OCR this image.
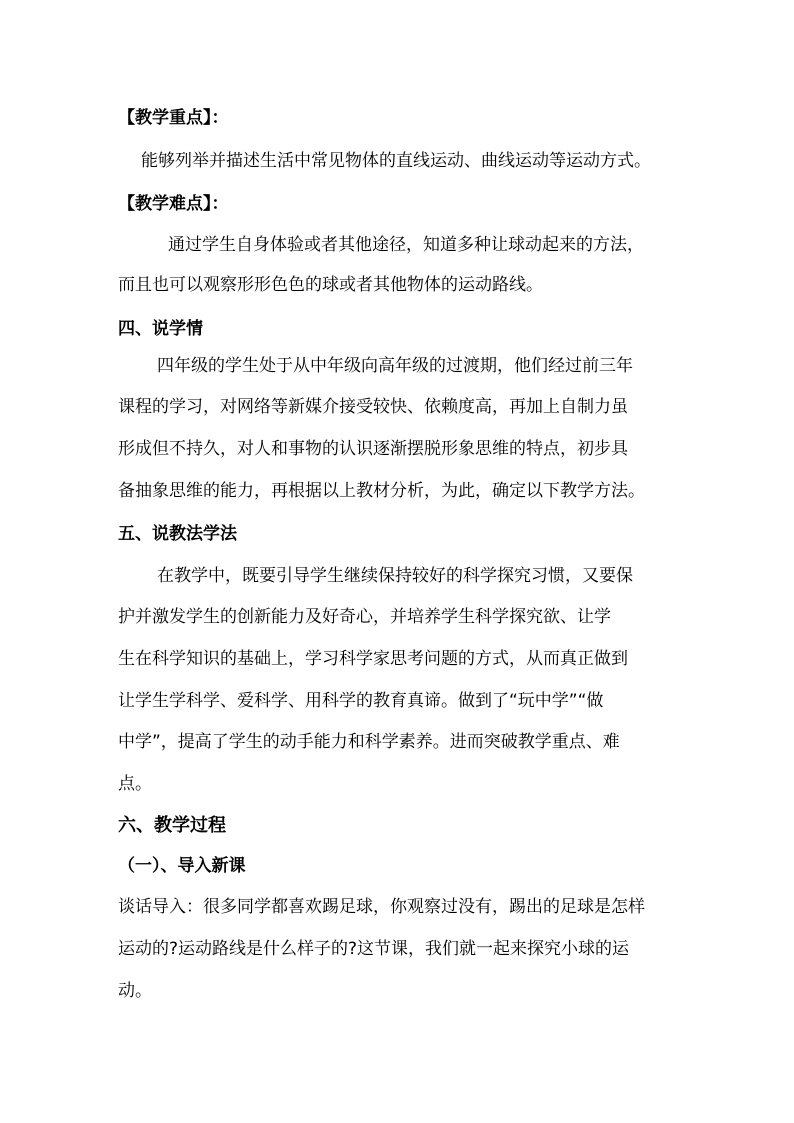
【教学重点】：
能够列举并描述生活中常见物体的直线运动、曲线运动等运动方式。
【教学难点】：
通过学生自身体验或者其他途径，知道多种让球动起来的方法，
而且也可以观察形形色色的球或者其他物体的运动路线。
四、说学情
四年级的学生处于从中年级向高年级的过渡期，他们经过前三年
课程的学习，对网络等新媒介接受较快、依赖度高，再加上自制力虽
形成但不持久，对人和事物的认识逐渐摆脱形象思维的特点，初步具
备抽象思维的能力，再根据以上教材分析，为此，确定以下教学方法。
五、说教法学法
在教学中，既要引导学生继续保持较好的科学探究习惯，又要保
护并激发学生的创新能力及好奇心，并培养学生科学探究欲、让学
生在科学知识的基础上，学习科学家思考问题的方式，从而真正做到
让学生学科学、爱科学、用科学的教育真谛。做到了“玩中学”“做
中学”，提高了学生的动手能力和科学素养。进而突破教学重点、难
点。
六、教学过程
（一）、导入新课
谈话导入：很多同学都喜欢踢足球，你观察过没有，踢出的足球是怎样
运动的?运动路线是什么样子的?这节课，我们就一起来探究小球的运
动。
